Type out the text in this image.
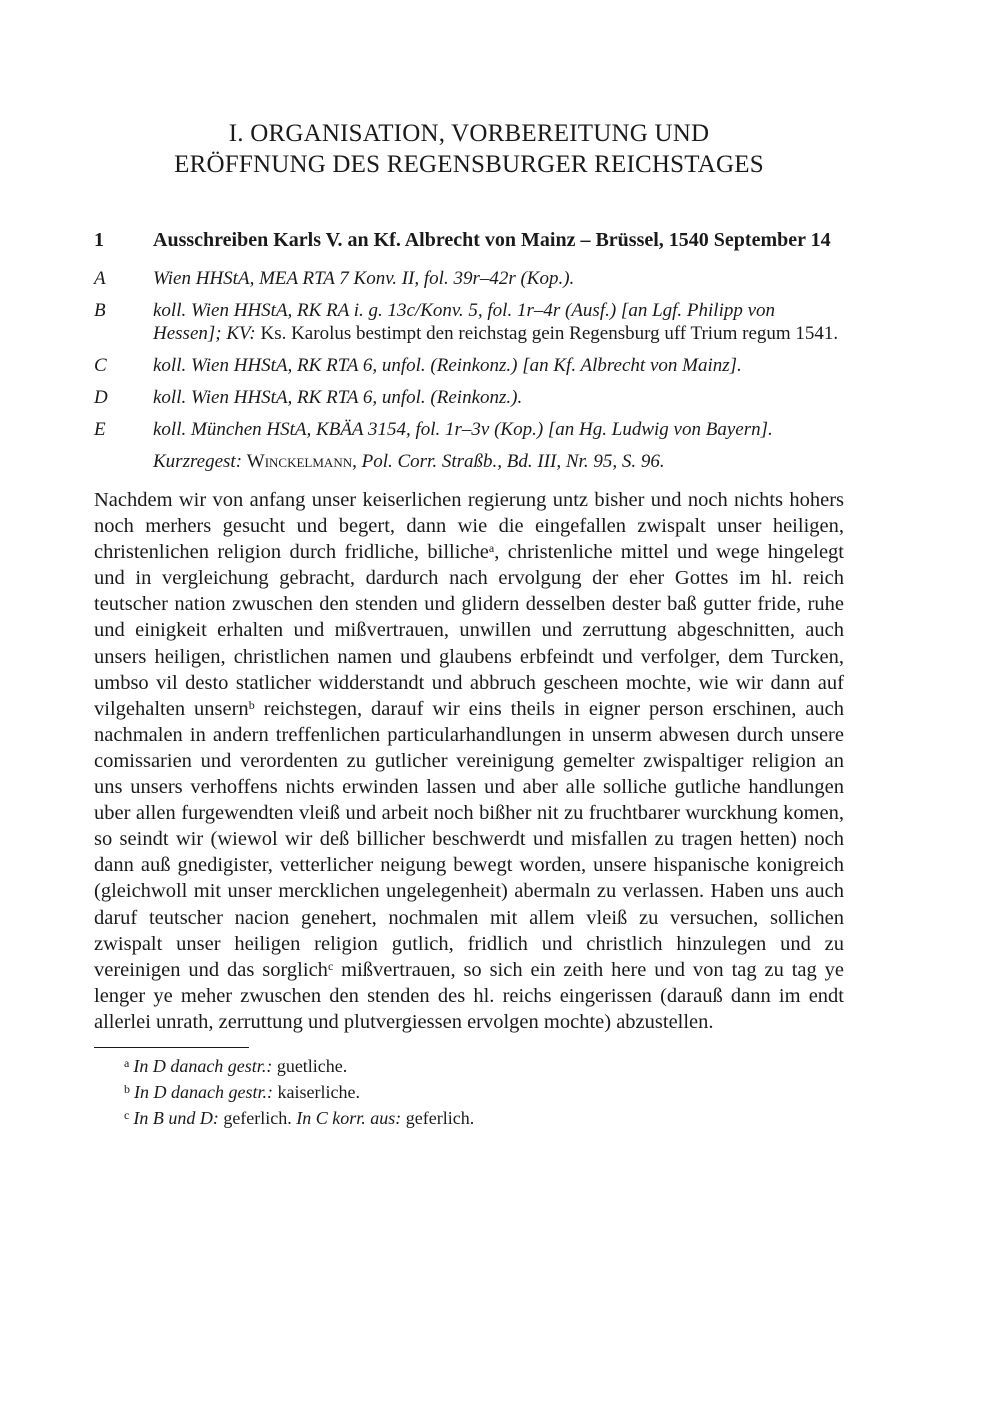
I. ORGANISATION, VORBEREITUNG UND
ERÖFFNUNG DES REGENSBURGER REICHSTAGES
1	Ausschreiben Karls V. an Kf. Albrecht von Mainz – Brüssel, 1540 September 14
A	Wien HHStA, MEA RTA 7 Konv. II, fol. 39r–42r (Kop.).
B	koll. Wien HHStA, RK RA i. g. 13c/Konv. 5, fol. 1r–4r (Ausf.) [an Lgf. Philipp von Hessen]; KV: Ks. Karolus bestimpt den reichstag gein Regensburg uff Trium regum 1541.
C	koll. Wien HHStA, RK RTA 6, unfol. (Reinkonz.) [an Kf. Albrecht von Mainz].
D	koll. Wien HHStA, RK RTA 6, unfol. (Reinkonz.).
E	koll. München HStA, KBÄA 3154, fol. 1r–3v (Kop.) [an Hg. Ludwig von Bayern].
Kurzregest: Winckelmann, Pol. Corr. Straßb., Bd. III, Nr. 95, S. 96.
Nachdem wir von anfang unser keiserlichen regierung untz bisher und noch nichts hohers noch merhers gesucht und begert, dann wie die eingefallen zwispalt unser heiligen, christenlichen religion durch fridliche, billiche$^a$, christenliche mittel und wege hingelegt und in vergleichung gebracht, dardurch nach ervolgung der eher Gottes im hl. reich teutscher nation zwuschen den stenden und glidern desselben dester baß gutter fride, ruhe und einigkeit erhalten und mißvertrauen, unwillen und zerruttung abgeschnitten, auch unsers heiligen, christlichen namen und glaubens erbfeindt und verfolger, dem Turcken, umbso vil desto statlicher widderstandt und abbruch gescheen mochte, wie wir dann auf vilgehalten unsern$^b$ reichstegen, darauf wir eins theils in eigner person erschinen, auch nachmalen in andern treffenlichen particularhandlungen in unserm abwesen durch unsere comissarien und verordenten zu gutlicher vereinigung gemelter zwispaltiger religion an uns unsers verhoffens nichts erwinden lassen und aber alle solliche gutliche handlungen uber allen furgewendten vleiß und arbeit noch bißher nit zu fruchtbarer wurckhung komen, so seindt wir (wiewol wir deß billicher beschwerdt und misfallen zu tragen hetten) noch dann auß gnedigister, vetterlicher neigung bewegt worden, unsere hispanische konigreich (gleichwoll mit unser mercklichen ungelegenheit) abermaln zu verlassen. Haben uns auch daruf teutscher nacion genehert, nochmalen mit allem vleiß zu versuchen, sollichen zwispalt unser heiligen religion gutlich, fridlich und christlich hinzulegen und zu vereinigen und das sorglich$^c$ mißvertrauen, so sich ein zeith here und von tag zu tag ye lenger ye meher zwuschen den stenden des hl. reichs eingerissen (darauß dann im endt allerlei unrath, zerruttung und plutvergiessen ervolgen mochte) abzustellen.
$^a$ In D danach gestr.: guetliche.
$^b$ In D danach gestr.: kaiserliche.
$^c$ In B und D: geferlich. In C korr. aus: geferlich.
